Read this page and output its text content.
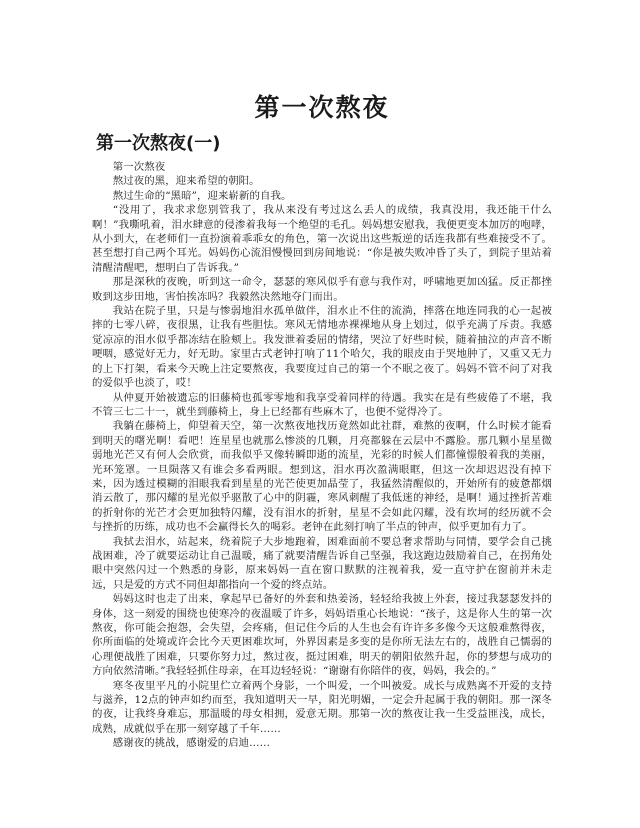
第一次熬夜
第一次熬夜(一)

第一次熬夜

熬过夜的黑，迎来希望的朝阳。

熬过生命的“黑暗”，迎来崭新的自我。

“没用了，我求求您别管我了，我从来没有考过这么丢人的成绩，我真没用，我还能干什么啊！”我嘶吼着，泪水肆意的侵渗着我每一个绝望的毛孔。妈妈想安慰我，我便更变本加厉的咆哮，从小到大，在老师们一直扮演着乖乖女的角色，第一次说出这些叛逆的话连我都有些难接受不了。甚至想打自己两个耳光。妈妈伤心流泪慢慢回到房间地说：“你是被失败冲昏了头了，到院子里站着清醒清醒吧，想明白了告诉我。”

那是深秋的夜晚，听到这一命令，瑟瑟的寒风似乎有意与我作对，呼啸地更加凶猛。反正都挫败到这步田地，害怕挨冻吗？我毅然决然地夺门而出。

我站在院子里，只是与惨弱地泪水孤单做伴，泪水止不住的流淌，摔落在地连同我的心一起被摔的七零八碎，夜很黑，让我有些胆怯。寒风无情地赤裸裸地从身上划过，似乎充满了斥责。我感觉凉凉的泪水似乎都冻结在脸颊上。我发泄着委屈的情绪，哭泣了好些时候，随着抽泣的声音不断哽咽，感觉好无力，好无助。家里古式老钟打响了11个哈欠，我的眼皮由于哭地肿了，又重又无力的上下打架，看来今天晚上注定要熬夜，我要度过自己的第一个不眠之夜了。妈妈不管不问了对我的爱似乎也淡了，哎！

从仲夏开始被遗忘的旧藤椅也孤零零地和我享受着同样的待遇。我实在是有些疲倦了不堪，我不管三七二十一，就坐到藤椅上，身上已经都有些麻木了，也便不觉得冷了。

我躺在藤椅上，仰望着天空，第一次熬夜地找历竟然如此社群，难熬的夜啊，什么时候才能看到明天的曙光啊！看吧！连星星也就那么惨淡的几颗，月亮都躲在云层中不露脸。那几颗小星星微弱地光芒又有何人会欣赏，而我似乎又像转瞬即逝的流星，光彩的时候人们都憧憬般着我的美丽，光环笼罩。一旦陨落又有谁会多看两眼。想到这，泪水再次盈满眼眶，但这一次却迟迟没有掉下来，因为透过模糊的泪眼我看到星星的光芒使更加晶莹了，我猛然清醒似的，开始所有的疲惫都烟消云散了，那闪耀的星光似乎驱散了心中的阴霾，寒风刺醒了我低迷的神经，是啊！通过挫折苦难的折射你的光芒才会更加独特闪耀，没有泪水的折射，星星不会如此闪耀，没有坎坷的经历就不会与挫折的历练，成功也不会赢得长久的喝彩。老钟在此刻打响了半点的钟声，似乎更加有力了。

我拭去泪水，站起来，绕着院子大步地跑着，困难面前不要总奢求帮助与同情，要学会自己挑战困难，冷了就要运动让自己温暖，痛了就要清醒告诉自己坚强，我这跑边鼓励着自己，在拐角处眼中突然闪过一个熟悉的身影，原来妈妈一直在窗口默默的注视着我，爱一直守护在窗前并未走远，只是爱的方式不同但却都指向一个爱的终点站。

妈妈这时也走了出来，拿起早已备好的外套和热姜汤，轻轻给我披上外套，接过我瑟瑟发抖的身体，这一刻爱的围绕也使寒冷的夜温暖了许多，妈妈语重心长地说：“孩子，这是你人生的第一次熬夜，你可能会抱怨，会失望，会疼痛，但记住今后的人生也会有许许多多像今天这般难熬得夜，你所面临的处境或许会比今天更困难坎坷，外界因素是多变的是你所无法左右的，战胜自己懦弱的心理便战胜了困难，只要你努力过，熬过夜，挺过困难，明天的朝阳依然升起，你的梦想与成功的方向依然清晰。”我轻轻抓住母亲，在耳边轻轻说：“谢谢有你陪伴的夜，妈妈，我会的。”

寒冬夜里平凡的小院里伫立着两个身影，一个叫爱，一个叫被爱。成长与成熟离不开爱的支持与滋养，12点的钟声如约而至，我知道明天一早，阳光明媚，一定会升起属于我的朝阳。那一深冬的夜，让我终身难忘，那温暖的母女相拥，爱意无期。那第一次的熬夜让我一生受益匪浅，成长，成熟，成就似乎在那一刻穿越了千年……

感谢夜的挑战，感谢爱的启迪……
